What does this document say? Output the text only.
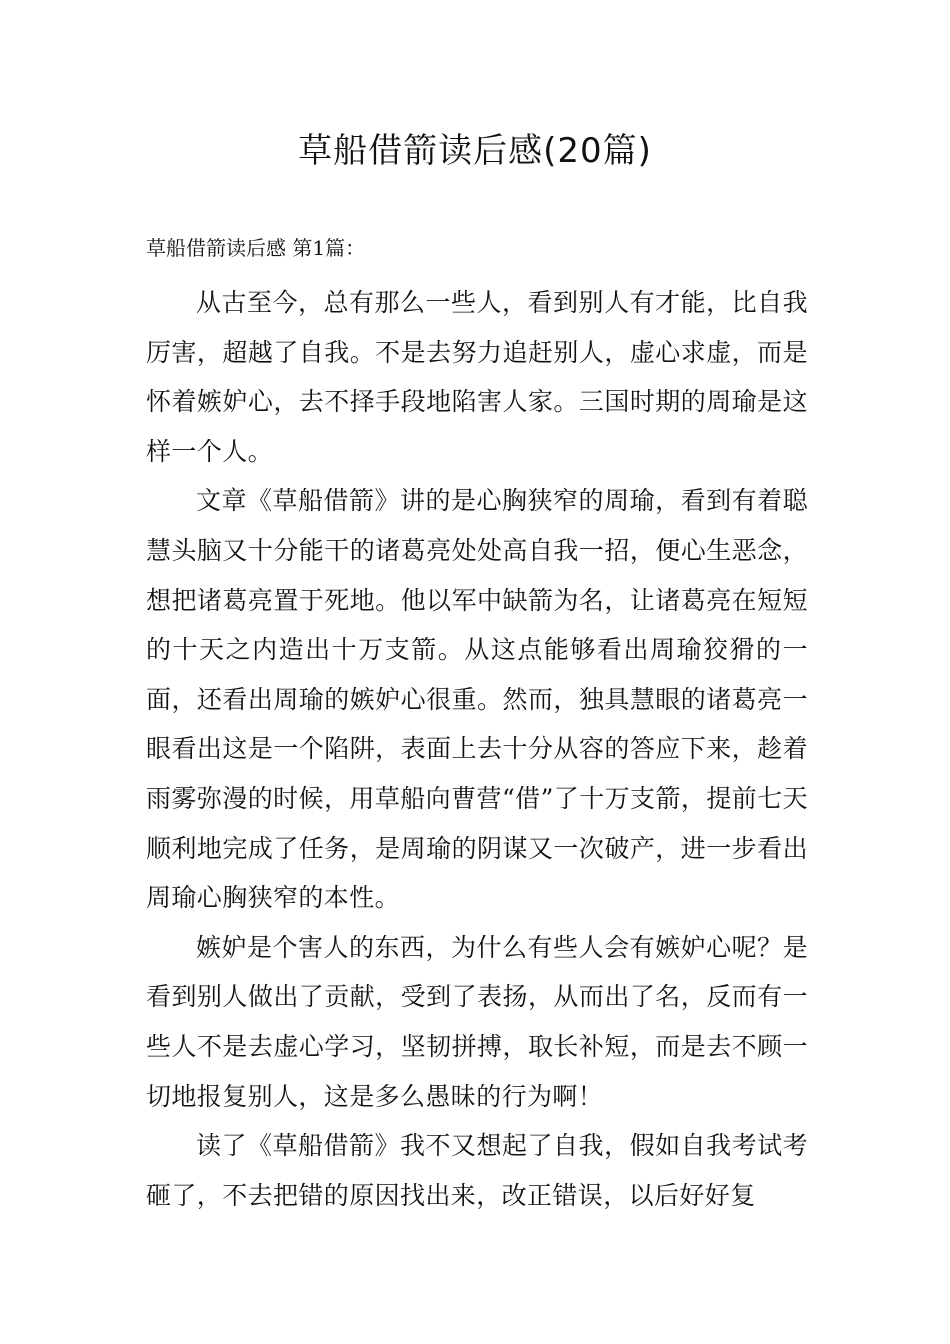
草船借箭读后感(20篇)

草船借箭读后感 第1篇：

从古至今，总有那么一些人，看到别人有才能，比自我厉害，超越了自我。不是去努力追赶别人，虚心求虚，而是怀着嫉妒心，去不择手段地陷害人家。三国时期的周瑜是这样一个人。

文章《草船借箭》讲的是心胸狭窄的周瑜，看到有着聪慧头脑又十分能干的诸葛亮处处高自我一招，便心生恶念，想把诸葛亮置于死地。他以军中缺箭为名，让诸葛亮在短短的十天之内造出十万支箭。从这点能够看出周瑜狡猾的一面，还看出周瑜的嫉妒心很重。然而，独具慧眼的诸葛亮一眼看出这是一个陷阱，表面上去十分从容的答应下来，趁着雨雾弥漫的时候，用草船向曹营“借”了十万支箭，提前七天顺利地完成了任务，是周瑜的阴谋又一次破产，进一步看出周瑜心胸狭窄的本性。

嫉妒是个害人的东西，为什么有些人会有嫉妒心呢？是看到别人做出了贡献，受到了表扬，从而出了名，反而有一些人不是去虚心学习，坚韧拼搏，取长补短，而是去不顾一切地报复别人，这是多么愚昧的行为啊！

读了《草船借箭》我不又想起了自我，假如自我考试考砸了，不去把错的原因找出来，改正错误，以后好好复
